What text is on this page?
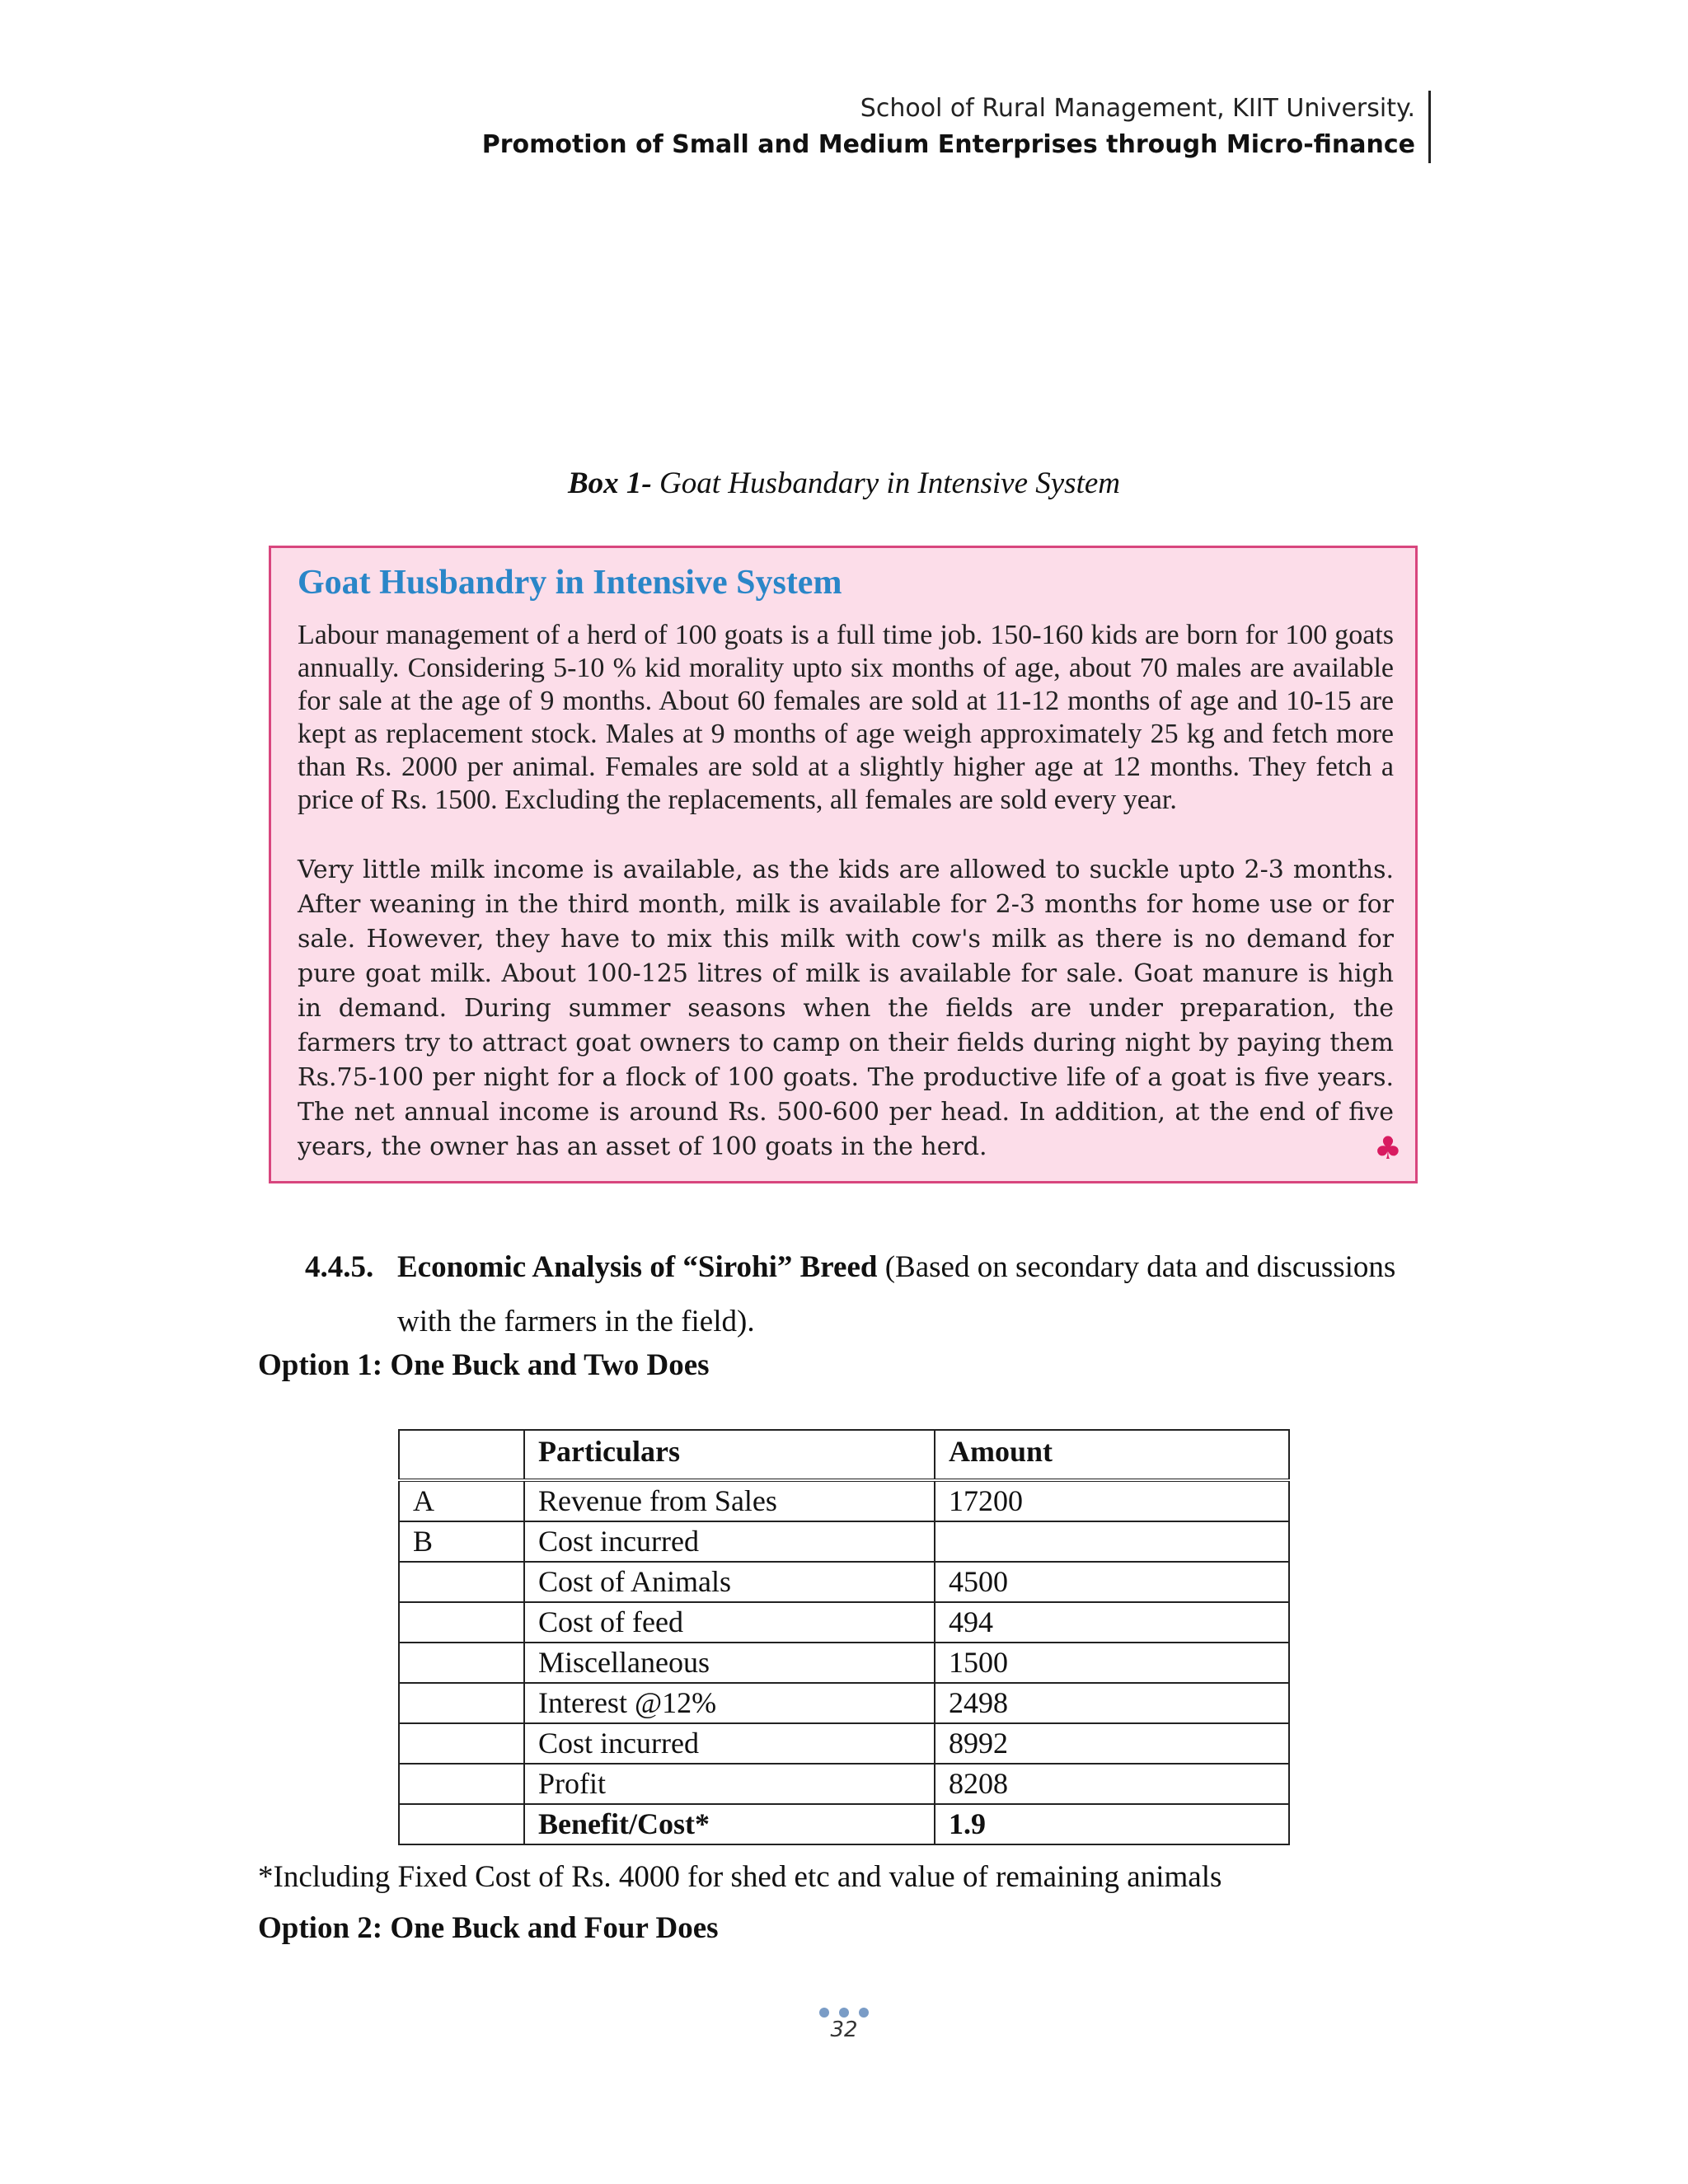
School of Rural Management, KIIT University.
Promotion of Small and Medium Enterprises through Micro-finance
Box 1- Goat Husbandary in Intensive System
Goat Husbandry in Intensive System
Labour management of a herd of 100 goats is a full time job. 150-160 kids are born for 100 goats annually. Considering 5-10 % kid morality upto six months of age, about 70 males are available for sale at the age of 9 months. About 60 females are sold at 11-12 months of age and 10-15 are kept as replacement stock. Males at 9 months of age weigh approximately 25 kg and fetch more than Rs. 2000 per animal. Females are sold at a slightly higher age at 12 months. They fetch a price of Rs. 1500. Excluding the replacements, all females are sold every year.
Very little milk income is available, as the kids are allowed to suckle upto 2-3 months. After weaning in the third month, milk is available for 2-3 months for home use or for sale. However, they have to mix this milk with cow's milk as there is no demand for pure goat milk. About 100-125 litres of milk is available for sale. Goat manure is high in demand. During summer seasons when the fields are under preparation, the farmers try to attract goat owners to camp on their fields during night by paying them Rs.75-100 per night for a flock of 100 goats. The productive life of a goat is five years. The net annual income is around Rs. 500-600 per head. In addition, at the end of five years, the owner has an asset of 100 goats in the herd.	♣
4.4.5. Economic Analysis of “Sirohi” Breed (Based on secondary data and discussions
with the farmers in the field).
Option 1: One Buck and Two Does
	Particulars	Amount
A	Revenue from Sales	17200
B	Cost incurred	
	Cost of Animals	4500
	Cost of feed	494
	Miscellaneous	1500
	Interest @12%	2498
	Cost incurred	8992
	Profit	8208
	Benefit/Cost*	1.9
*Including Fixed Cost of Rs. 4000 for shed etc and value of remaining animals
Option 2: One Buck and Four Does
32
